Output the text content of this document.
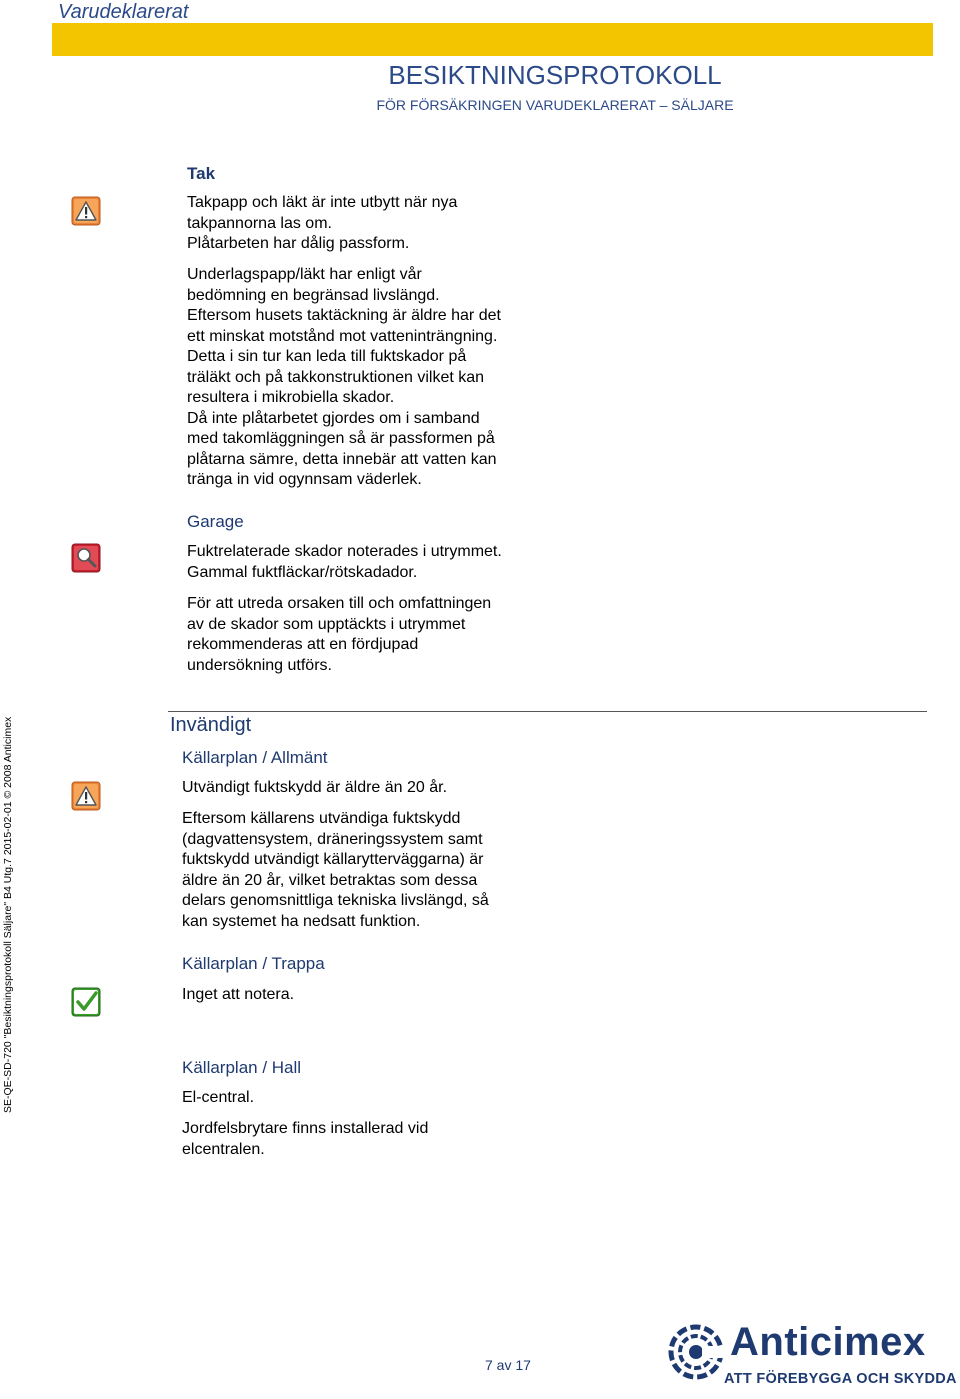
Varudeklarerat
BESIKTNINGSPROTOKOLL
FÖR FÖRSÄKRINGEN VARUDEKLARERAT – SÄLJARE
SE-QE-SD-720 "Besiktningsprotokoll Säljare" B4 Utg.7 2015-02-01 © 2008 Anticimex
Tak
Takpapp och läkt är inte utbytt när nya
takpannorna las om.
Plåtarbeten har dålig passform.
Underlagspapp/läkt har enligt vår
bedömning en begränsad livslängd.
Eftersom husets taktäckning är äldre har det
ett minskat motstånd mot vatteninträngning.
Detta i sin tur kan leda till fuktskador på
träläkt och på takkonstruktionen vilket kan
resultera i mikrobiella skador.
Då inte plåtarbetet gjordes om i samband
med takomläggningen så är passformen på
plåtarna sämre, detta innebär att vatten kan
tränga in vid ogynnsam väderlek.
Garage
Fuktrelaterade skador noterades i utrymmet.
Gammal fuktfläckar/rötskadador.
För att utreda orsaken till och omfattningen
av de skador som upptäckts i utrymmet
rekommenderas att en fördjupad
undersökning utförs.
Invändigt
Källarplan / Allmänt
Utvändigt fuktskydd är äldre än 20 år.
Eftersom källarens utvändiga fuktskydd
(dagvattensystem, dräneringssystem samt
fuktskydd utvändigt källarytterväggarna) är
äldre än 20 år, vilket betraktas som dessa
delars genomsnittliga tekniska livslängd, så
kan systemet ha nedsatt funktion.
Källarplan / Trappa
Inget att notera.
Källarplan / Hall
El-central.
Jordfelsbrytare finns installerad vid
elcentralen.
7 av 17
Anticimex
ATT FÖREBYGGA OCH SKYDDA
